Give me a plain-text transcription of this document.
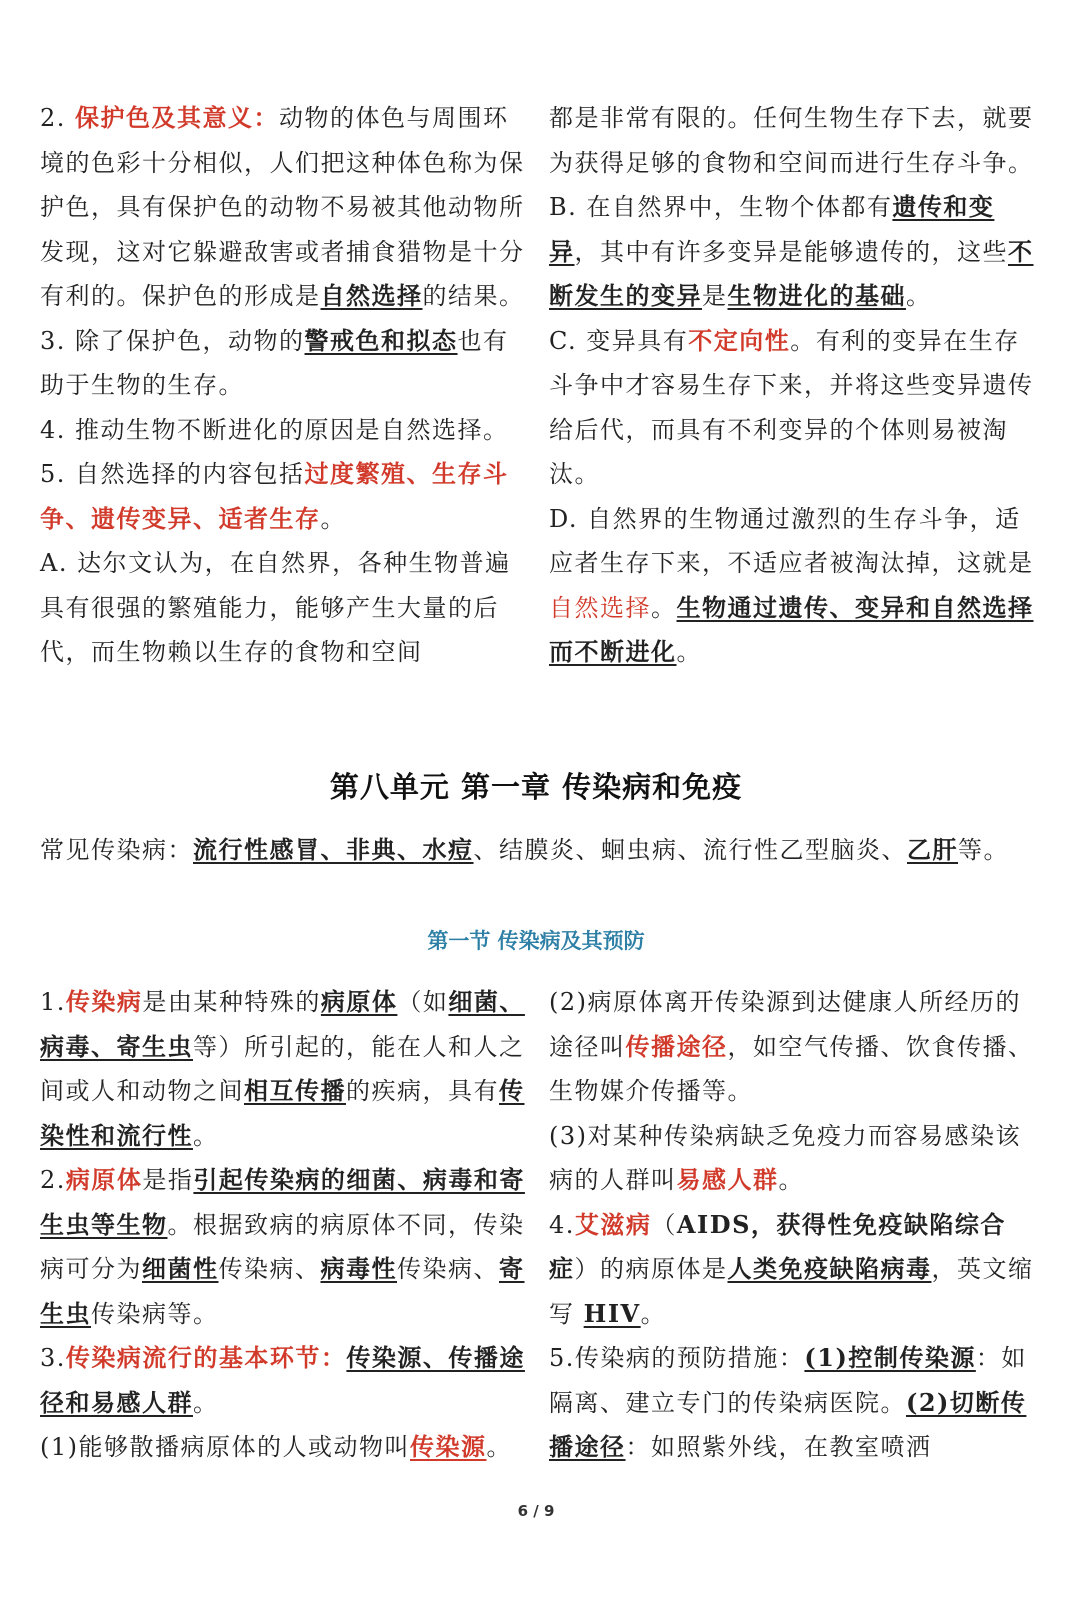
2. 保护色及其意义：动物的体色与周围环境的色彩十分相似，人们把这种体色称为保护色，具有保护色的动物不易被其他动物所发现，这对它躲避敌害或者捕食猎物是十分有利的。保护色的形成是自然选择的结果。

3. 除了保护色，动物的警戒色和拟态也有助于生物的生存。

4. 推动生物不断进化的原因是自然选择。

5. 自然选择的内容包括过度繁殖、生存斗争、遗传变异、适者生存。

A. 达尔文认为，在自然界，各种生物普遍具有很强的繁殖能力，能够产生大量的后代，而生物赖以生存的食物和空间

都是非常有限的。任何生物生存下去，就要为获得足够的食物和空间而进行生存斗争。

B. 在自然界中，生物个体都有遗传和变异，其中有许多变异是能够遗传的，这些不断发生的变异是生物进化的基础。

C. 变异具有不定向性。有利的变异在生存斗争中才容易生存下来，并将这些变异遗传给后代，而具有不利变异的个体则易被淘汰。

D. 自然界的生物通过激烈的生存斗争，适应者生存下来，不适应者被淘汰掉，这就是自然选择。生物通过遗传、变异和自然选择而不断进化。

第八单元 第一章 传染病和免疫

常见传染病：流行性感冒、非典、水痘、结膜炎、蛔虫病、流行性乙型脑炎、乙肝等。

第一节 传染病及其预防

1.传染病是由某种特殊的病原体（如细菌、病毒、寄生虫等）所引起的，能在人和人之间或人和动物之间相互传播的疾病，具有传染性和流行性。

2.病原体是指引起传染病的细菌、病毒和寄生虫等生物。根据致病的病原体不同，传染病可分为细菌性传染病、病毒性传染病、寄生虫传染病等。

3.传染病流行的基本环节：传染源、传播途径和易感人群。

(1)能够散播病原体的人或动物叫传染源。

(2)病原体离开传染源到达健康人所经历的途径叫传播途径，如空气传播、饮食传播、生物媒介传播等。

(3)对某种传染病缺乏免疫力而容易感染该病的人群叫易感人群。

4.艾滋病（AIDS，获得性免疫缺陷综合症）的病原体是人类免疫缺陷病毒，英文缩写 HIV。

5.传染病的预防措施：(1)控制传染源：如隔离、建立专门的传染病医院。(2)切断传播途径：如照紫外线，在教室喷洒

6 / 9
